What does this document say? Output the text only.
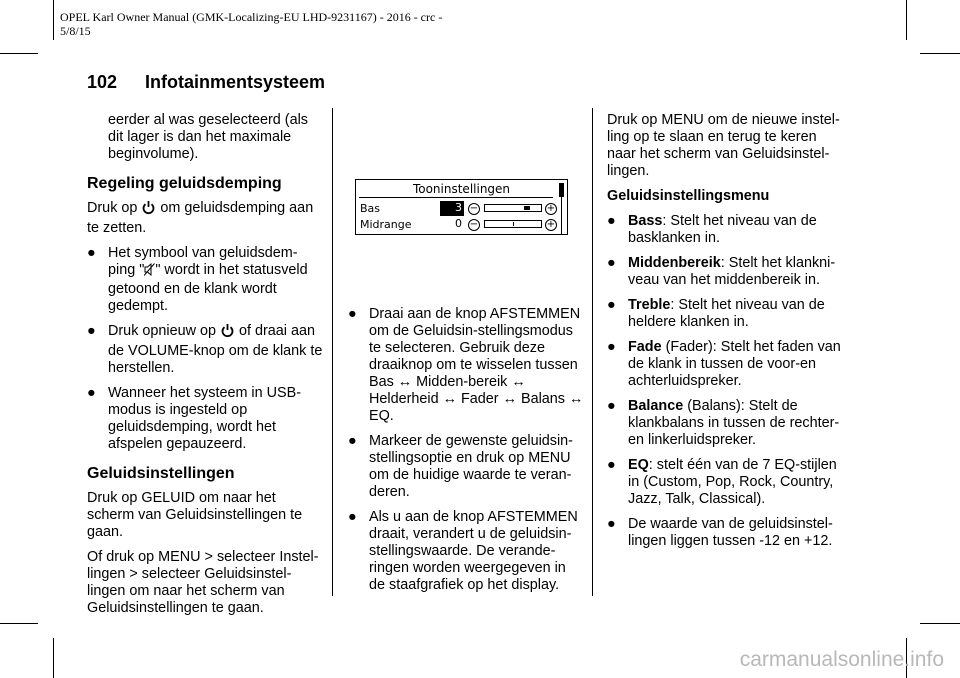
OPEL Karl Owner Manual (GMK-Localizing-EU LHD-9231167) - 2016 - crc -
5/8/15
102 Infotainmentsysteem
eerder al was geselecteerd (als dit lager is dan het maximale beginvolume).
Regeling geluidsdemping

Druk op  om geluidsdemping aan te zetten.

● Het symbool van geluidsdem-ping " " wordt in het statusveld getoond en de klank wordt gedempt.
● Druk opnieuw op  of draai aan de VOLUME-knop om de klank te herstellen.
● Wanneer het systeem in USB-modus is ingesteld op geluidsdemping, wordt het afspelen gepauzeerd.
Geluidsinstellingen

Druk op GELUID om naar het scherm van Geluidsinstellingen te gaan.

Of druk op MENU > selecteer Instel-lingen > selecteer Geluidsinstel-lingen om naar het scherm van Geluidsinstellingen te gaan.

Tooninstellingen
Bas	3 −	+
Midrange	0 −	+
● Draai aan de knop AFSTEMMEN om de Geluidsin-stellingsmodus te selecteren. Gebruik deze draaiknop om te wisselen tussen Bas ↔ Midden-bereik ↔ Helderheid ↔ Fader ↔ Balans ↔ EQ.
● Markeer de gewenste geluidsin-stellingsoptie en druk op MENU om de huidige waarde te veran-deren.
● Als u aan de knop AFSTEMMEN draait, verandert u de geluidsin-stellingswaarde. De verande-ringen worden weergegeven in de staafgrafiek op het display.

Druk op MENU om de nieuwe instel-ling op te slaan en terug te keren naar het scherm van Geluidsinstel-lingen.

Geluidsinstellingsmenu
● Bass: Stelt het niveau van de basklanken in.
● Middenbereik: Stelt het klankni-veau van het middenbereik in.
● Treble: Stelt het niveau van de heldere klanken in.
● Fade (Fader): Stelt het faden van de klank in tussen de voor-en achterluidspreker.
● Balance (Balans): Stelt de klankbalans in tussen de rechter- en linkerluidspreker.
● EQ: stelt één van de 7 EQ-stijlen in (Custom, Pop, Rock, Country, Jazz, Talk, Classical).
● De waarde van de geluidsinstel-lingen liggen tussen -12 en +12.
carmanualsonline.info
